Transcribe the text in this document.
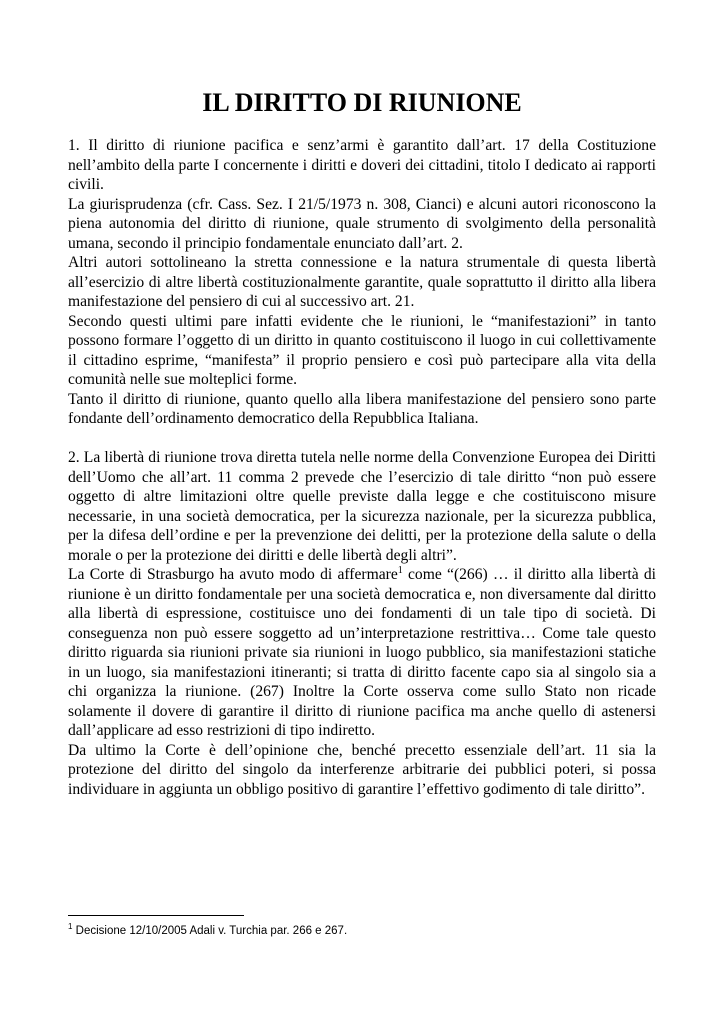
IL DIRITTO DI RIUNIONE

1. Il diritto di riunione pacifica e senz’armi è garantito dall’art. 17 della Costituzione nell’ambito della parte I concernente i diritti e doveri dei cittadini, titolo I dedicato ai rapporti civili.

La giurisprudenza (cfr. Cass. Sez. I 21/5/1973 n. 308, Cianci) e alcuni autori riconoscono la piena autonomia del diritto di riunione, quale strumento di svolgimento della personalità umana, secondo il principio fondamentale enunciato dall’art. 2.

Altri autori sottolineano la stretta connessione e la natura strumentale di questa libertà all’esercizio di altre libertà costituzionalmente garantite, quale soprattutto il diritto alla libera manifestazione del pensiero di cui al successivo art. 21.

Secondo questi ultimi pare infatti evidente che le riunioni, le “manifestazioni” in tanto possono formare l’oggetto di un diritto in quanto costituiscono il luogo in cui collettivamente il cittadino esprime, “manifesta” il proprio pensiero e così può partecipare alla vita della comunità nelle sue molteplici forme.

Tanto il diritto di riunione, quanto quello alla libera manifestazione del pensiero sono parte fondante dell’ordinamento democratico della Repubblica Italiana.

2. La libertà di riunione trova diretta tutela nelle norme della Convenzione Europea dei Diritti dell’Uomo che all’art. 11 comma 2 prevede che l’esercizio di tale diritto “non può essere oggetto di altre limitazioni oltre quelle previste dalla legge e che costituiscono misure necessarie, in una società democratica, per la sicurezza nazionale, per la sicurezza pubblica, per la difesa dell’ordine e per la prevenzione dei delitti, per la protezione della salute o della morale o per la protezione dei diritti e delle libertà degli altri”.

La Corte di Strasburgo ha avuto modo di affermare$^1$ come “(266) … il diritto alla libertà di riunione è un diritto fondamentale per una società democratica e, non diversamente dal diritto alla libertà di espressione, costituisce uno dei fondamenti di un tale tipo di società. Di conseguenza non può essere soggetto ad un’interpretazione restrittiva… Come tale questo diritto riguarda sia riunioni private sia riunioni in luogo pubblico, sia manifestazioni statiche in un luogo, sia manifestazioni itineranti; si tratta di diritto facente capo sia al singolo sia a chi organizza la riunione. (267) Inoltre la Corte osserva come sullo Stato non ricade solamente il dovere di garantire il diritto di riunione pacifica ma anche quello di astenersi dall’applicare ad esso restrizioni di tipo indiretto.

Da ultimo la Corte è dell’opinione che, benché precetto essenziale dell’art. 11 sia la protezione del diritto del singolo da interferenze arbitrarie dei pubblici poteri, si possa individuare in aggiunta un obbligo positivo di garantire l’effettivo godimento di tale diritto”.

$^1$ Decisione 12/10/2005 Adali v. Turchia par. 266 e 267.
